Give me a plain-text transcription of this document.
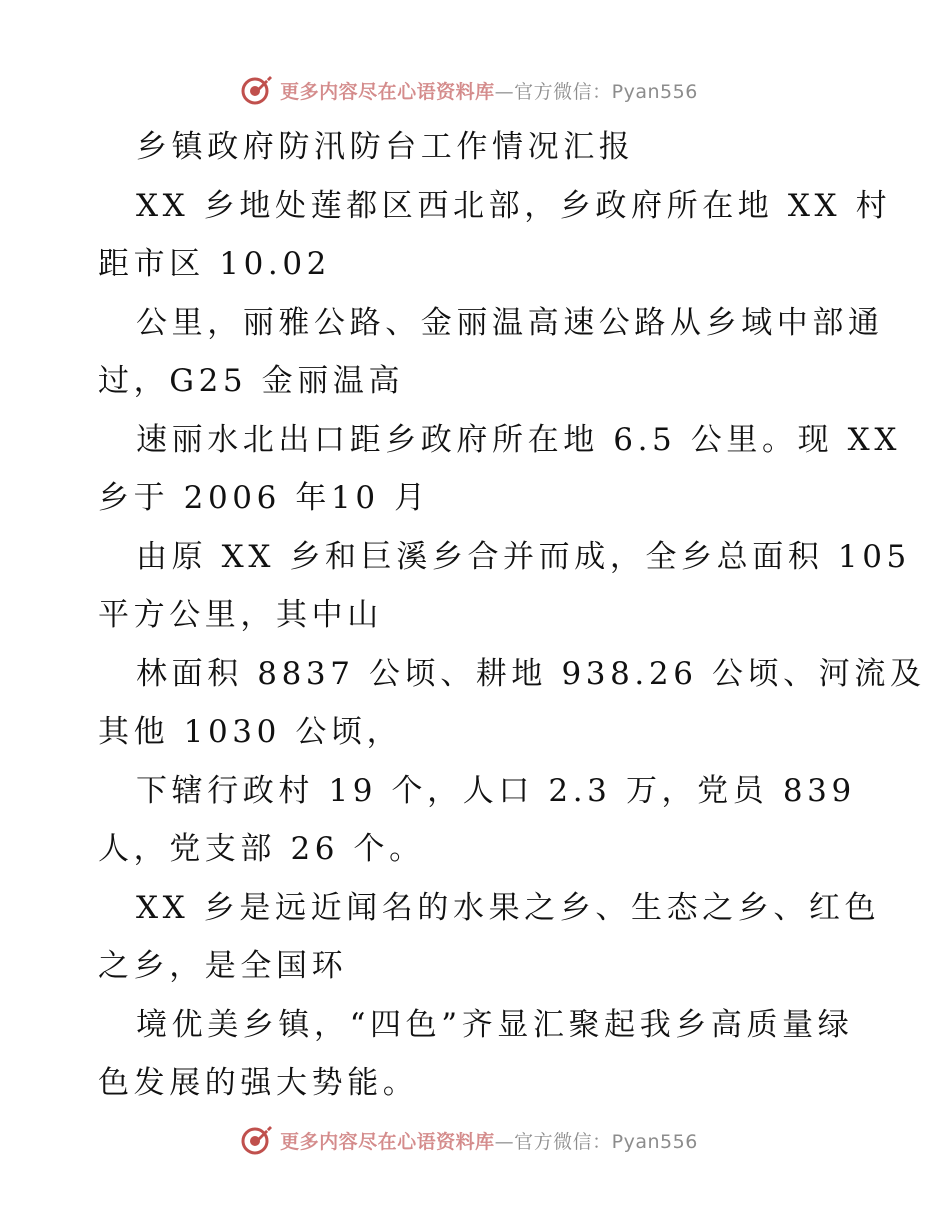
更多内容尽在心语资料库—官方微信：Pyan556

乡镇政府防汛防台工作情况汇报

XX 乡地处莲都区西北部，乡政府所在地 XX 村

距市区 10.02

公里，丽雅公路、金丽温高速公路从乡域中部通

过，G25 金丽温高

速丽水北出口距乡政府所在地 6.5 公里。现 XX

乡于 2006 年10 月

由原 XX 乡和巨溪乡合并而成，全乡总面积 105

平方公里，其中山

林面积 8837 公顷、耕地 938.26 公顷、河流及

其他 1030 公顷，

下辖行政村 19 个，人口 2.3 万，党员 839

人，党支部 26 个。

XX 乡是远近闻名的水果之乡、生态之乡、红色

之乡，是全国环

境优美乡镇，“四色”齐显汇聚起我乡高质量绿

色发展的强大势能。

更多内容尽在心语资料库—官方微信：Pyan556
